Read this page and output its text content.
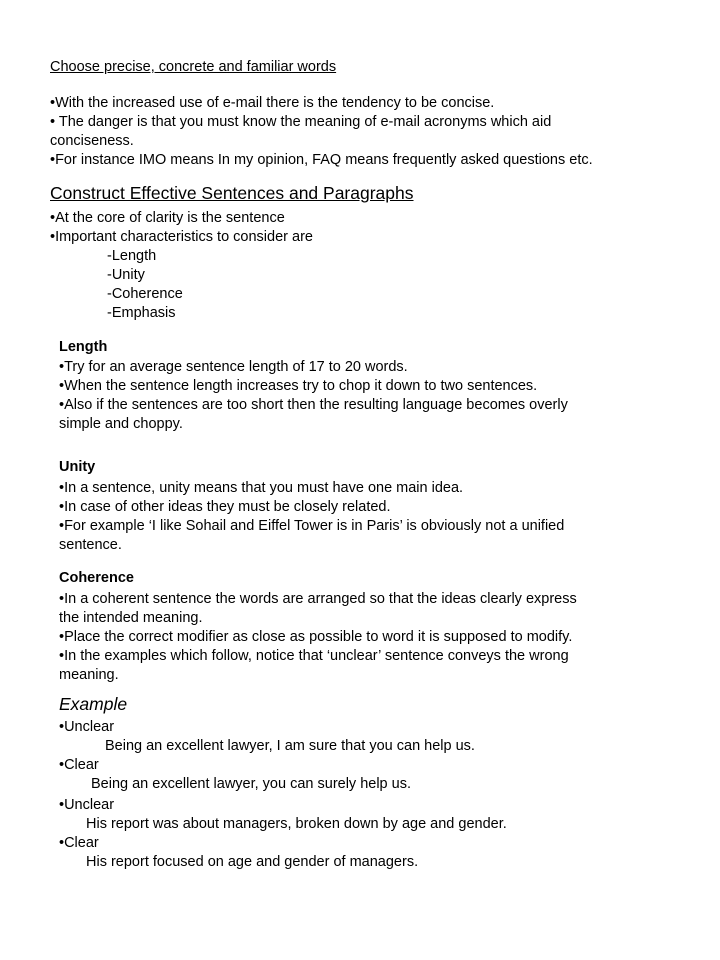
Choose precise, concrete and familiar words
•With the increased use of e-mail there is the tendency to be concise.
• The danger is that you must know the meaning of e-mail acronyms which aid
conciseness.
•For instance IMO means In my opinion, FAQ means frequently asked questions etc.
Construct Effective Sentences and Paragraphs
•At the core of clarity is the sentence
•Important characteristics to consider are
-Length
-Unity
-Coherence
-Emphasis
Length
•Try for an average sentence length of 17 to 20 words.
•When the sentence length increases try to chop it down to two sentences.
•Also if the sentences are too short then the resulting language becomes overly
simple and choppy.
Unity
•In a sentence, unity means that you must have one main idea.
•In case of other ideas they must be closely related.
•For example ‘I like Sohail and Eiffel Tower is in Paris’ is obviously not a unified
sentence.
Coherence
•In a coherent sentence the words are arranged so that the ideas clearly express
the intended meaning.
•Place the correct modifier as close as possible to word it is supposed to modify.
•In the examples which follow, notice that ‘unclear’ sentence conveys the wrong
meaning.
Example
•Unclear
Being an excellent lawyer, I am sure that you can help us.
•Clear
Being an excellent lawyer, you can surely help us.
•Unclear
His report was about managers, broken down by age and gender.
•Clear
His report focused on age and gender of managers.
